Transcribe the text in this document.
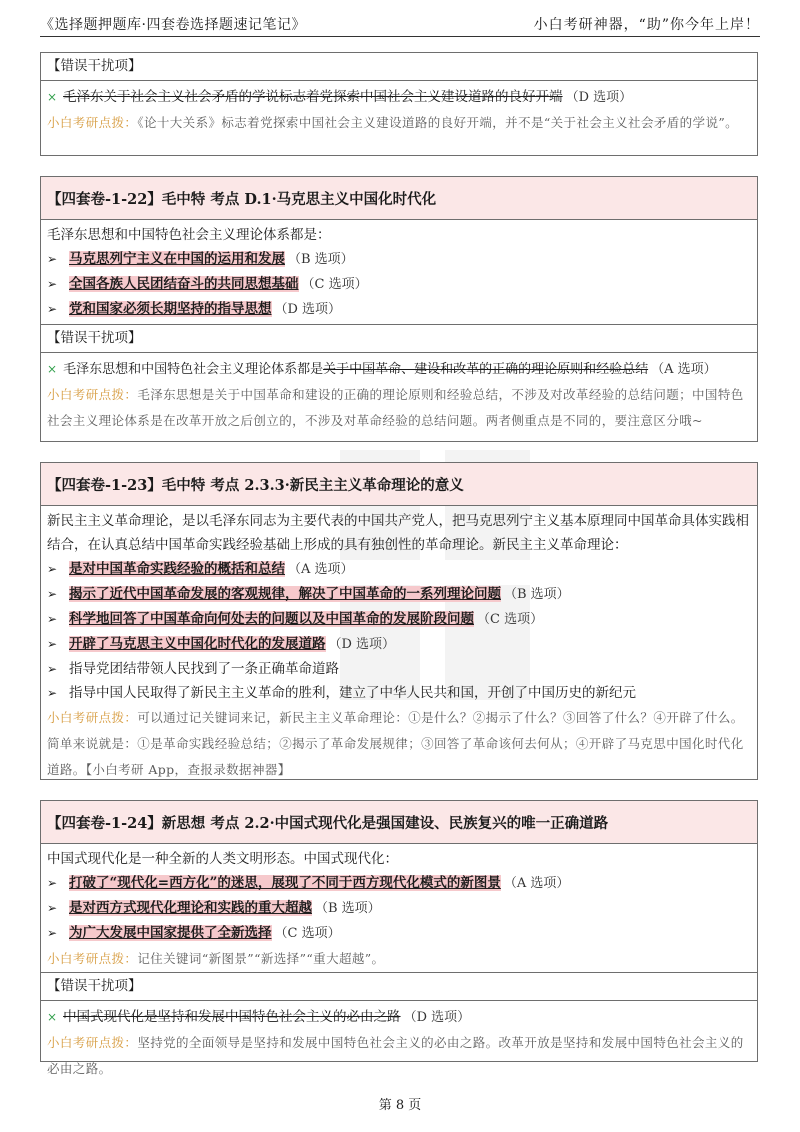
《选择题押题库·四套卷选择题速记笔记》	小白考研神器，“助”你今年上岸！
【错误干扰项】
× 毛泽东关于社会主义社会矛盾的学说标志着党探索中国社会主义建设道路的良好开端 （D 选项）
小白考研点拨：《论十大关系》标志着党探索中国社会主义建设道路的良好开端，并不是“关于社会主义社会矛盾的学说”。
【四套卷-1-22】毛中特 考点 D.1·马克思主义中国化时代化
毛泽东思想和中国特色社会主义理论体系都是：
➢ 马克思列宁主义在中国的运用和发展 （B 选项）
➢ 全国各族人民团结奋斗的共同思想基础 （C 选项）
➢ 党和国家必须长期坚持的指导思想 （D 选项）
【错误干扰项】
× 毛泽东思想和中国特色社会主义理论体系都是关于中国革命、建设和改革的正确的理论原则和经验总结 （A 选项）
小白考研点拨：毛泽东思想是关于中国革命和建设的正确的理论原则和经验总结，不涉及对改革经验的总结问题；中国特色社会主义理论体系是在改革开放之后创立的，不涉及对革命经验的总结问题。两者侧重点是不同的，要注意区分哦~
【四套卷-1-23】毛中特 考点 2.3.3·新民主主义革命理论的意义
新民主主义革命理论，是以毛泽东同志为主要代表的中国共产党人，把马克思列宁主义基本原理同中国革命具体实践相结合，在认真总结中国革命实践经验基础上形成的具有独创性的革命理论。新民主主义革命理论：
➢ 是对中国革命实践经验的概括和总结 （A 选项）
➢ 揭示了近代中国革命发展的客观规律，解决了中国革命的一系列理论问题 （B 选项）
➢ 科学地回答了中国革命向何处去的问题以及中国革命的发展阶段问题 （C 选项）
➢ 开辟了马克思主义中国化时代化的发展道路 （D 选项）
➢ 指导党团结带领人民找到了一条正确革命道路
➢ 指导中国人民取得了新民主主义革命的胜利，建立了中华人民共和国，开创了中国历史的新纪元
小白考研点拨：可以通过记关键词来记，新民主主义革命理论：①是什么？②揭示了什么？③回答了什么？④开辟了什么。简单来说就是：①是革命实践经验总结；②揭示了革命发展规律；③回答了革命该何去何从；④开辟了马克思中国化时代化道路。【小白考研 App，查报录数据神器】
【四套卷-1-24】新思想 考点 2.2·中国式现代化是强国建设、民族复兴的唯一正确道路
中国式现代化是一种全新的人类文明形态。中国式现代化：
➢ 打破了“现代化=西方化”的迷思，展现了不同于西方现代化模式的新图景 （A 选项）
➢ 是对西方式现代化理论和实践的重大超越 （B 选项）
➢ 为广大发展中国家提供了全新选择 （C 选项）
小白考研点拨：记住关键词“新图景”“新选择”“重大超越”。
【错误干扰项】
× 中国式现代化是坚持和发展中国特色社会主义的必由之路 （D 选项）
小白考研点拨：坚持党的全面领导是坚持和发展中国特色社会主义的必由之路。改革开放是坚持和发展中国特色社会主义的必由之路。
第 8 页
